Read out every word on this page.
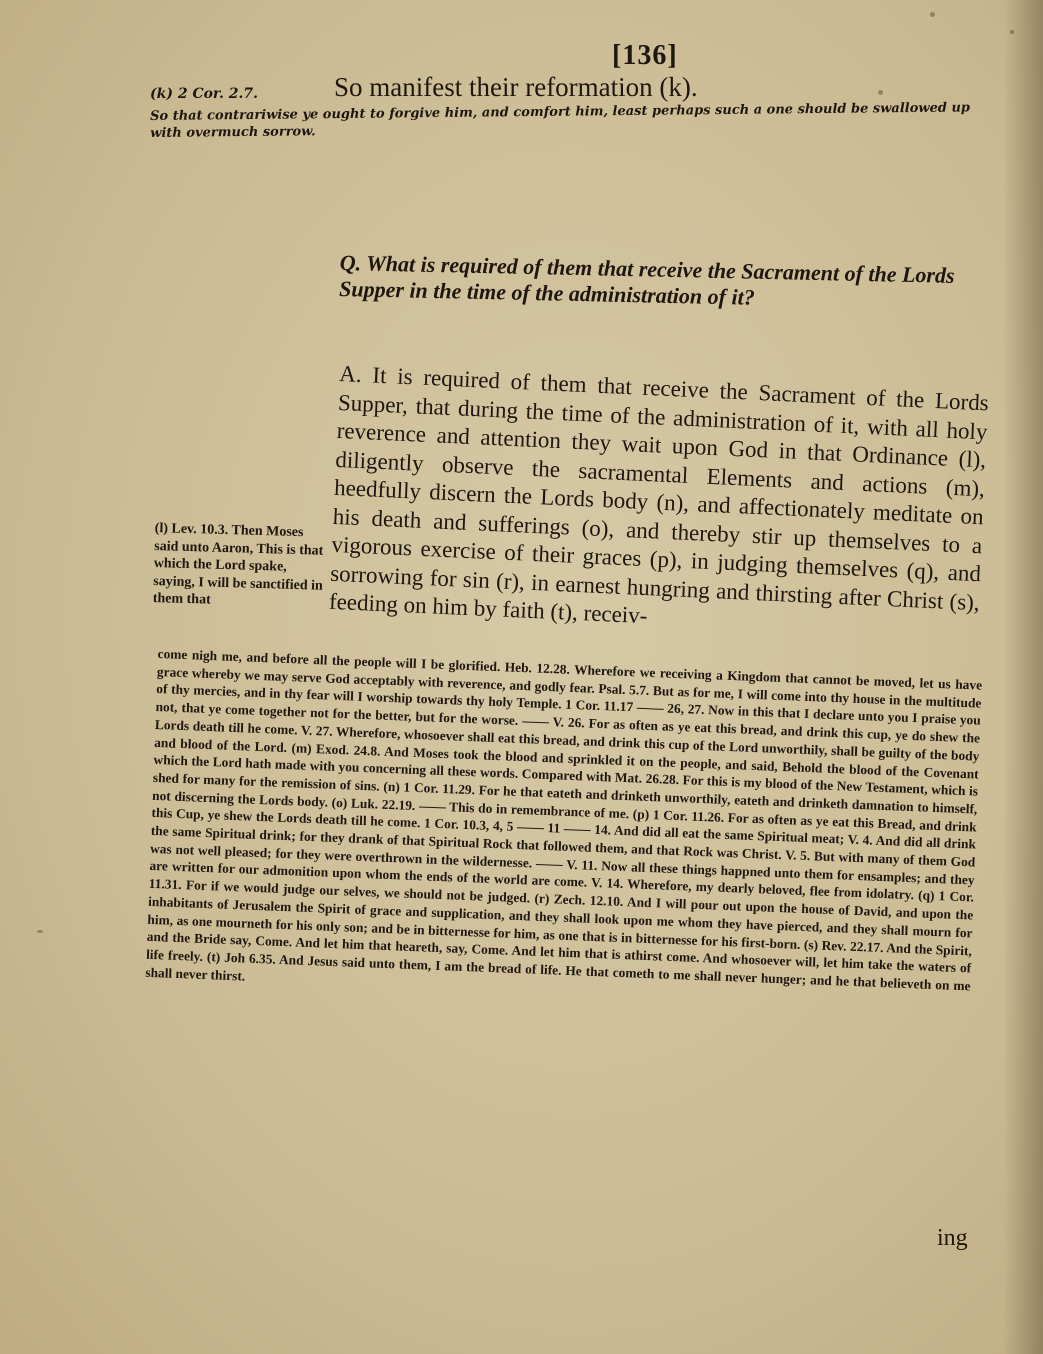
[136]
(k) 2 Cor. 2.7.	So manifest their reformation (k).
So that contrariwise ye ought to forgive him, and comfort him, least perhaps such a one should be swallowed up with overmuch sorrow.
Q. What is required of them that receive the Sacrament of the Lords Supper in the time of the administration of it?
A. It is required of them that receive the Sacrament of the Lords Supper, that during the time of the administration of it, with all holy reverence and attention they wait upon God in that Ordinance (l), diligently observe the sacramental Elements and actions (m), heedfully discern the Lords body (n), and affectionately meditate on his death and sufferings (o), and thereby stir up themselves to a vigorous exercise of their graces (p), in judging themselves (q), and sorrowing for sin (r), in earnest hungring and thirsting after Christ (s), feeding on him by faith (t), receiv-
(l) Lev. 10.3. Then Moses said unto Aaron, This is that which the Lord spake, saying, I will be sanctified in them that
come nigh me, and before all the people will I be glorified. Heb. 12.28. Wherefore we receiving a Kingdom that cannot be moved, let us have grace whereby we may serve God acceptably with reverence, and godly fear. Psal. 5.7. But as for me, I will come into thy house in the multitude of thy mercies, and in thy fear will I worship towards thy holy Temple. 1 Cor. 11.17 —— 26, 27. Now in this that I declare unto you I praise you not, that ye come together not for the better, but for the worse. —— V. 26. For as often as ye eat this bread, and drink this cup, ye do shew the Lords death till he come. V. 27. Wherefore, whosoever shall eat this bread, and drink this cup of the Lord unworthily, shall be guilty of the body and blood of the Lord. (m) Exod. 24.8. And Moses took the blood and sprinkled it on the people, and said, Behold the blood of the Covenant which the Lord hath made with you concerning all these words. Compared with Mat. 26.28. For this is my blood of the New Testament, which is shed for many for the remission of sins. (n) 1 Cor. 11.29. For he that eateth and drinketh unworthily, eateth and drinketh damnation to himself, not discerning the Lords body. (o) Luk. 22.19. —— This do in remembrance of me. (p) 1 Cor. 11.26. For as often as ye eat this Bread, and drink this Cup, ye shew the Lords death till he come. 1 Cor. 10.3, 4, 5 —— 11 —— 14. And did all eat the same Spiritual meat; V. 4. And did all drink the same Spiritual drink; for they drank of that Spiritual Rock that followed them, and that Rock was Christ. V. 5. But with many of them God was not well pleased; for they were overthrown in the wildernesse. —— V. 11. Now all these things happned unto them for ensamples; and they are written for our admonition upon whom the ends of the world are come. V. 14. Wherefore, my dearly beloved, flee from idolatry. (q) 1 Cor. 11.31. For if we would judge our selves, we should not be judged. (r) Zech. 12.10. And I will pour out upon the house of David, and upon the inhabitants of Jerusalem the Spirit of grace and supplication, and they shall look upon me whom they have pierced, and they shall mourn for him, as one mourneth for his only son; and be in bitternesse for him, as one that is in bitternesse for his first-born. (s) Rev. 22.17. And the Spirit, and the Bride say, Come. And let him that heareth, say, Come. And let him that is athirst come. And whosoever will, let him take the waters of life freely. (t) Joh 6.35. And Jesus said unto them, I am the bread of life. He that cometh to me shall never hunger; and he that believeth on me shall never thirst.
ing
